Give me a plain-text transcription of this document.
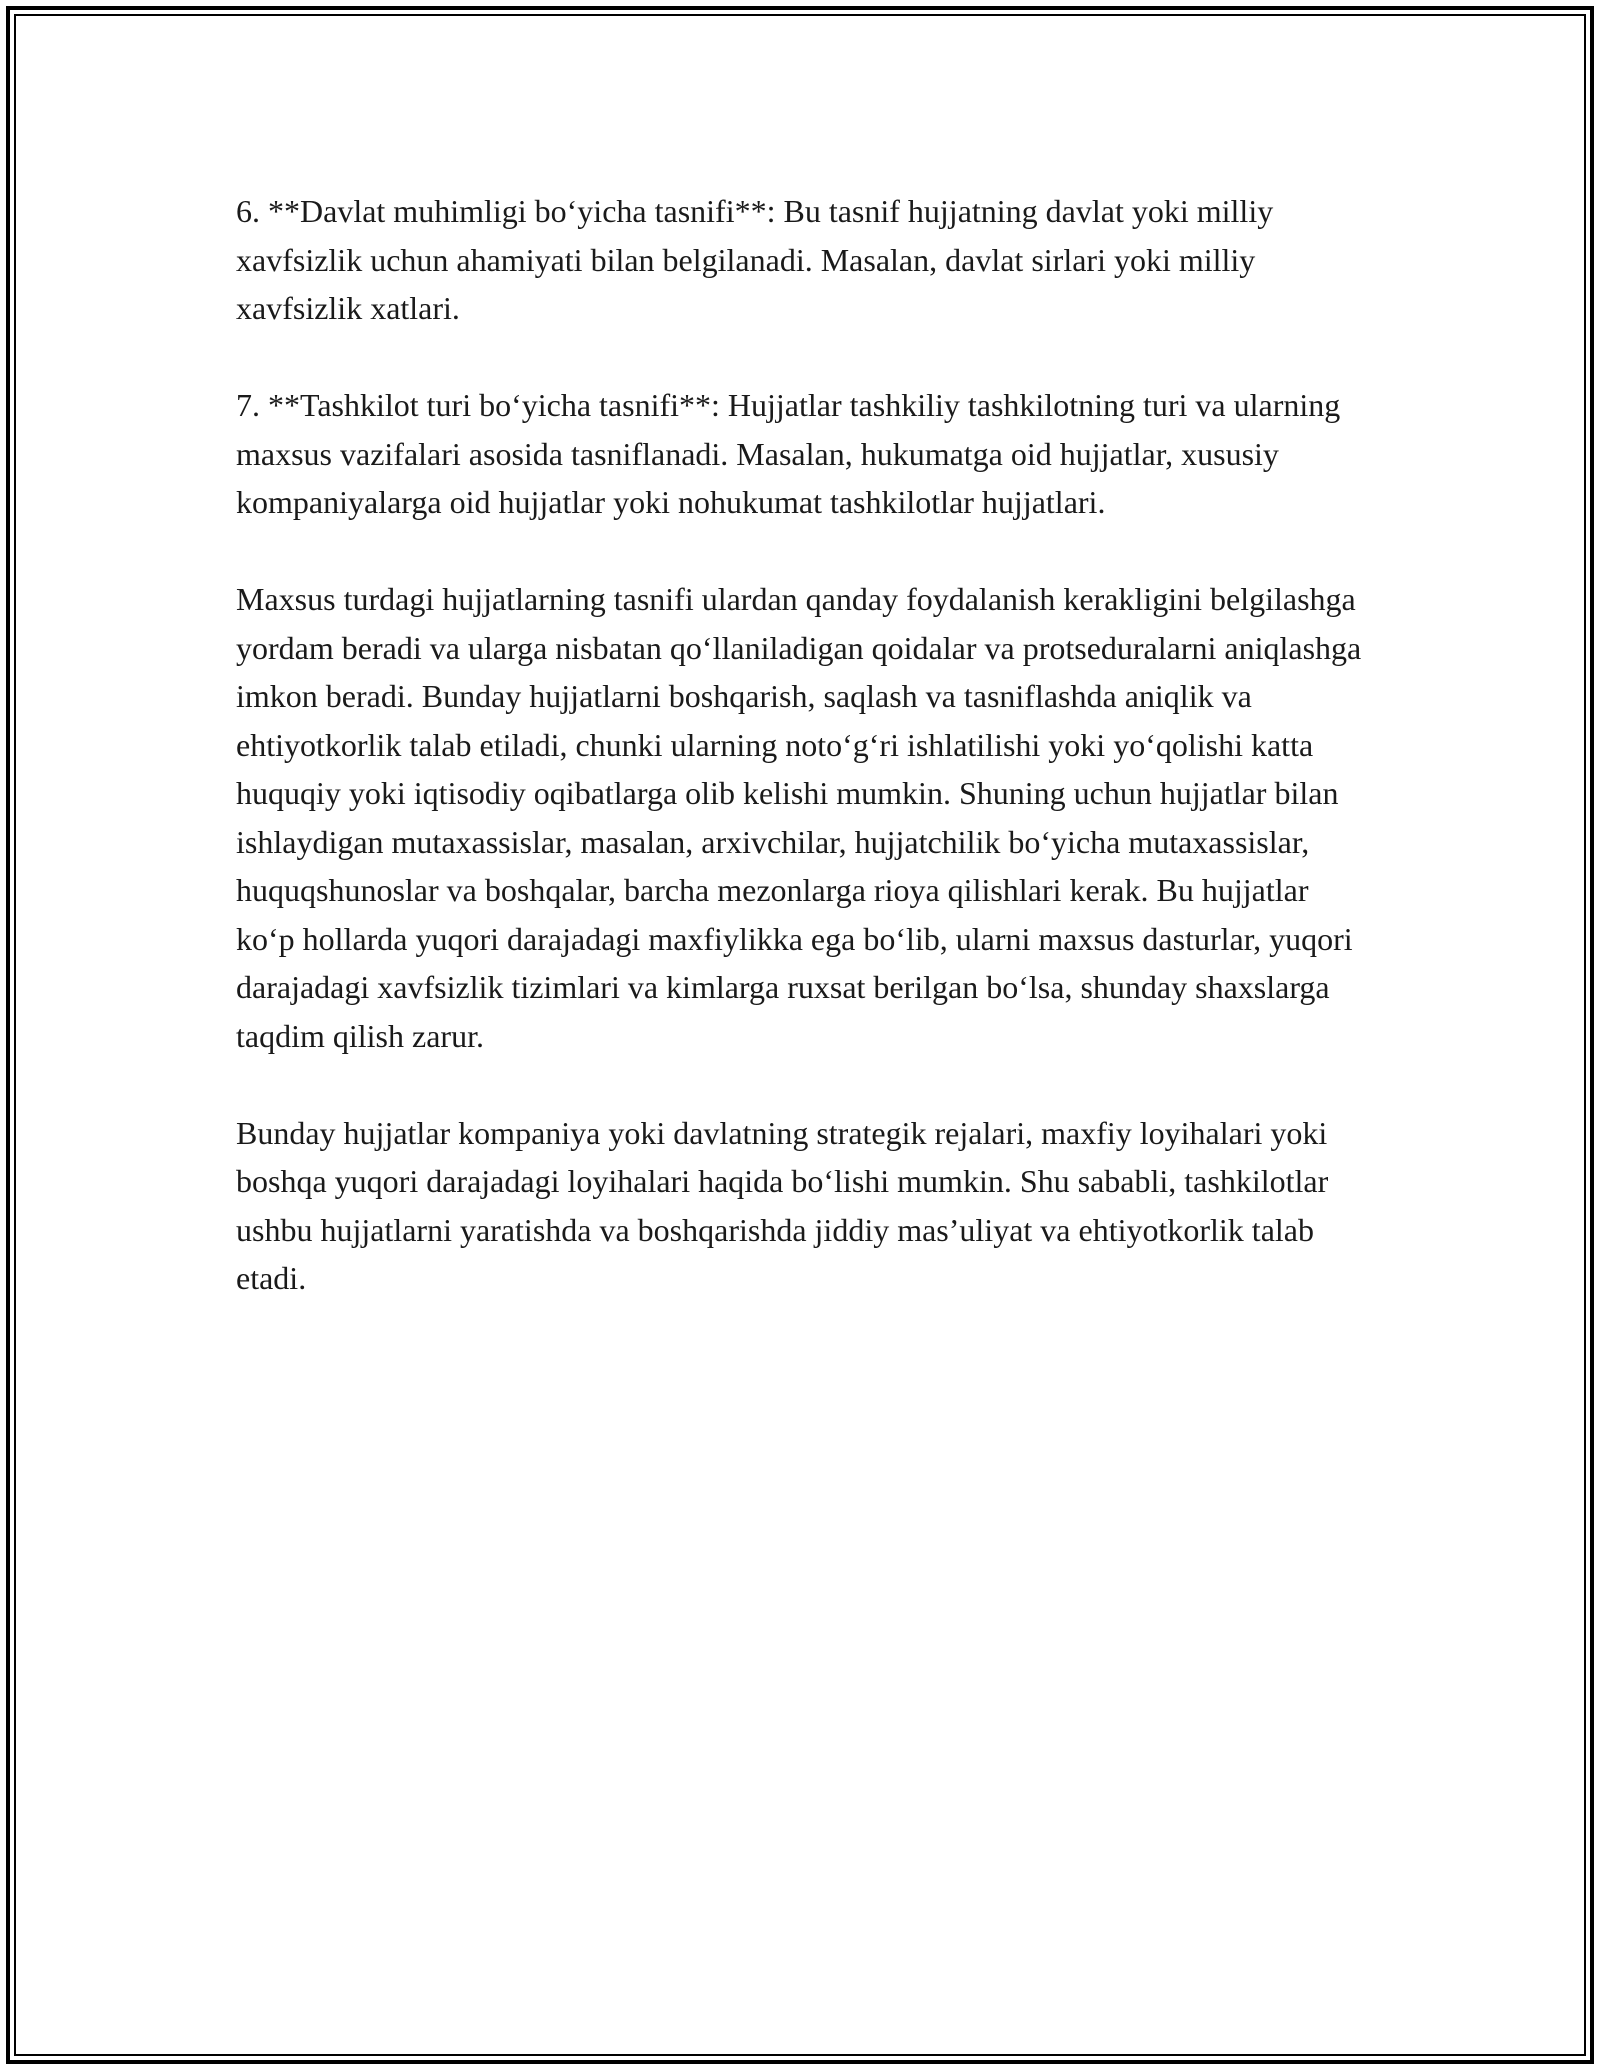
6. **Davlat muhimligi bo‘yicha tasnifi**: Bu tasnif hujjatning davlat yoki milliy xavfsizlik uchun ahamiyati bilan belgilanadi. Masalan, davlat sirlari yoki milliy xavfsizlik xatlari.

7. **Tashkilot turi bo‘yicha tasnifi**: Hujjatlar tashkiliy tashkilotning turi va ularning maxsus vazifalari asosida tasniflanadi. Masalan, hukumatga oid hujjatlar, xususiy kompaniyalarga oid hujjatlar yoki nohukumat tashkilotlar hujjatlari.

Maxsus turdagi hujjatlarning tasnifi ulardan qanday foydalanish kerakligini belgilashga yordam beradi va ularga nisbatan qo‘llaniladigan qoidalar va protseduralarni aniqlashga imkon beradi. Bunday hujjatlarni boshqarish, saqlash va tasniflashda aniqlik va ehtiyotkorlik talab etiladi, chunki ularning noto‘g‘ri ishlatilishi yoki yo‘qolishi katta huquqiy yoki iqtisodiy oqibatlarga olib kelishi mumkin. Shuning uchun hujjatlar bilan ishlaydigan mutaxassislar, masalan, arxivchilar, hujjatchilik bo‘yicha mutaxassislar, huquqshunoslar va boshqalar, barcha mezonlarga rioya qilishlari kerak. Bu hujjatlar ko‘p hollarda yuqori darajadagi maxfiylikka ega bo‘lib, ularni maxsus dasturlar, yuqori darajadagi xavfsizlik tizimlari va kimlarga ruxsat berilgan bo‘lsa, shunday shaxslarga taqdim qilish zarur.

Bunday hujjatlar kompaniya yoki davlatning strategik rejalari, maxfiy loyihalari yoki boshqa yuqori darajadagi loyihalari haqida bo‘lishi mumkin. Shu sababli, tashkilotlar ushbu hujjatlarni yaratishda va boshqarishda jiddiy mas’uliyat va ehtiyotkorlik talab etadi.
